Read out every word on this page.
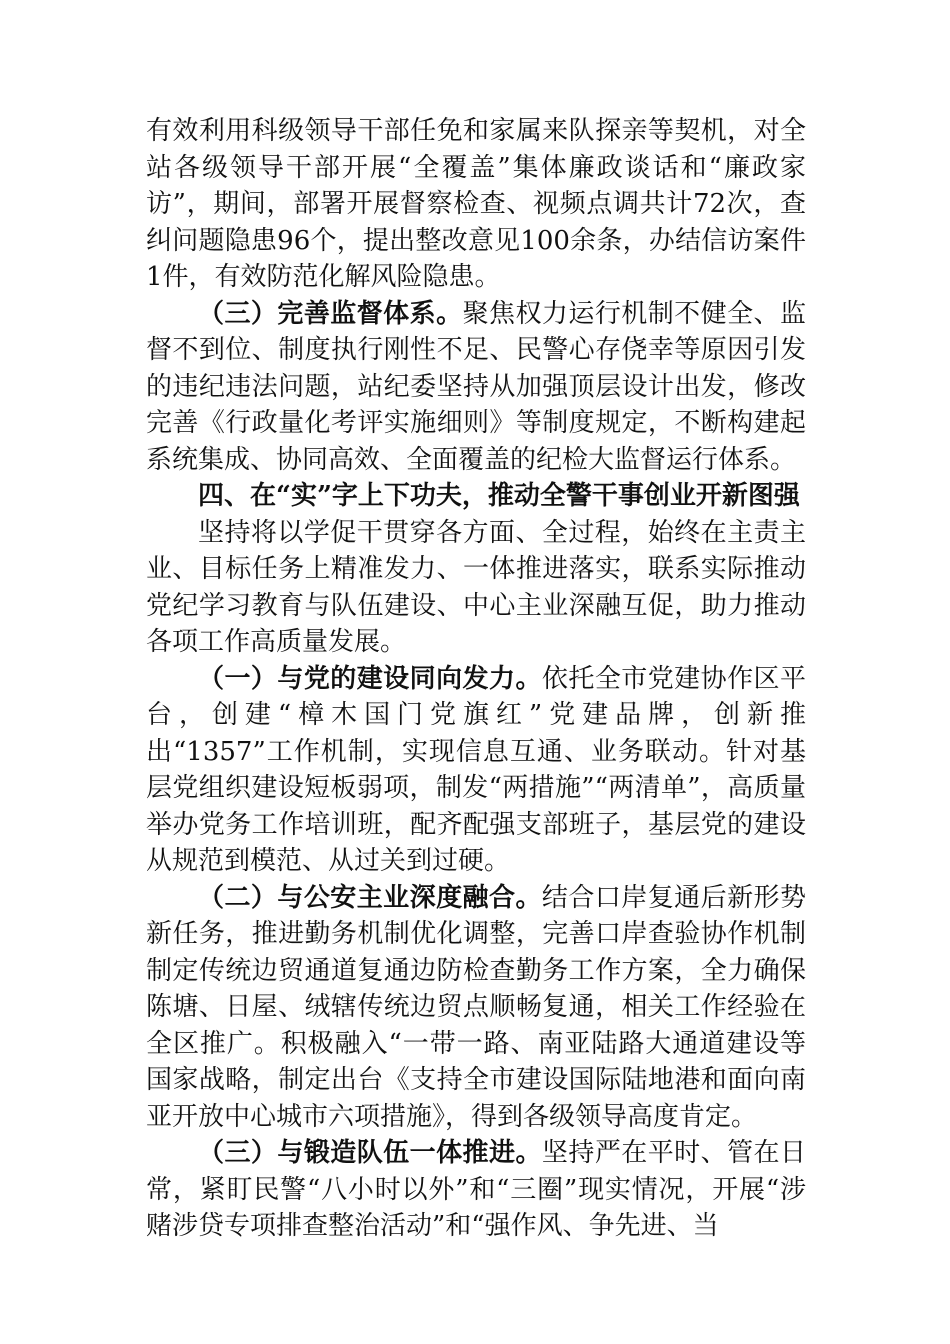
有效利用科级领导干部任免和家属来队探亲等契机，对全站各级领导干部开展“全覆盖”集体廉政谈话和“廉政家访”，期间，部署开展督察检查、视频点调共计72次，查纠问题隐患96个，提出整改意见100余条，办结信访案件1件，有效防范化解风险隐患。

（三）完善监督体系。聚焦权力运行机制不健全、监督不到位、制度执行刚性不足、民警心存侥幸等原因引发的违纪违法问题，站纪委坚持从加强顶层设计出发，修改完善《行政量化考评实施细则》等制度规定，不断构建起系统集成、协同高效、全面覆盖的纪检大监督运行体系。

四、在“实”字上下功夫，推动全警干事创业开新图强

坚持将以学促干贯穿各方面、全过程，始终在主责主业、目标任务上精准发力、一体推进落实，联系实际推动党纪学习教育与队伍建设、中心主业深融互促，助力推动各项工作高质量发展。

（一）与党的建设同向发力。依托全市党建协作区平台，创建“樟木国门党旗红”党建品牌，创新推出“1357”工作机制，实现信息互通、业务联动。针对基层党组织建设短板弱项，制发“两措施”“两清单”，高质量举办党务工作培训班，配齐配强支部班子，基层党的建设从规范到模范、从过关到过硬。

（二）与公安主业深度融合。结合口岸复通后新形势新任务，推进勤务机制优化调整，完善口岸查验协作机制制定传统边贸通道复通边防检查勤务工作方案，全力确保陈塘、日屋、绒辖传统边贸点顺畅复通，相关工作经验在全区推广。积极融入“一带一路、南亚陆路大通道建设等国家战略，制定出台《支持全市建设国际陆地港和面向南亚开放中心城市六项措施》，得到各级领导高度肯定。

（三）与锻造队伍一体推进。坚持严在平时、管在日常，紧盯民警“八小时以外”和“三圈”现实情况，开展“涉赌涉贷专项排查整治活动”和“强作风、争先进、当
